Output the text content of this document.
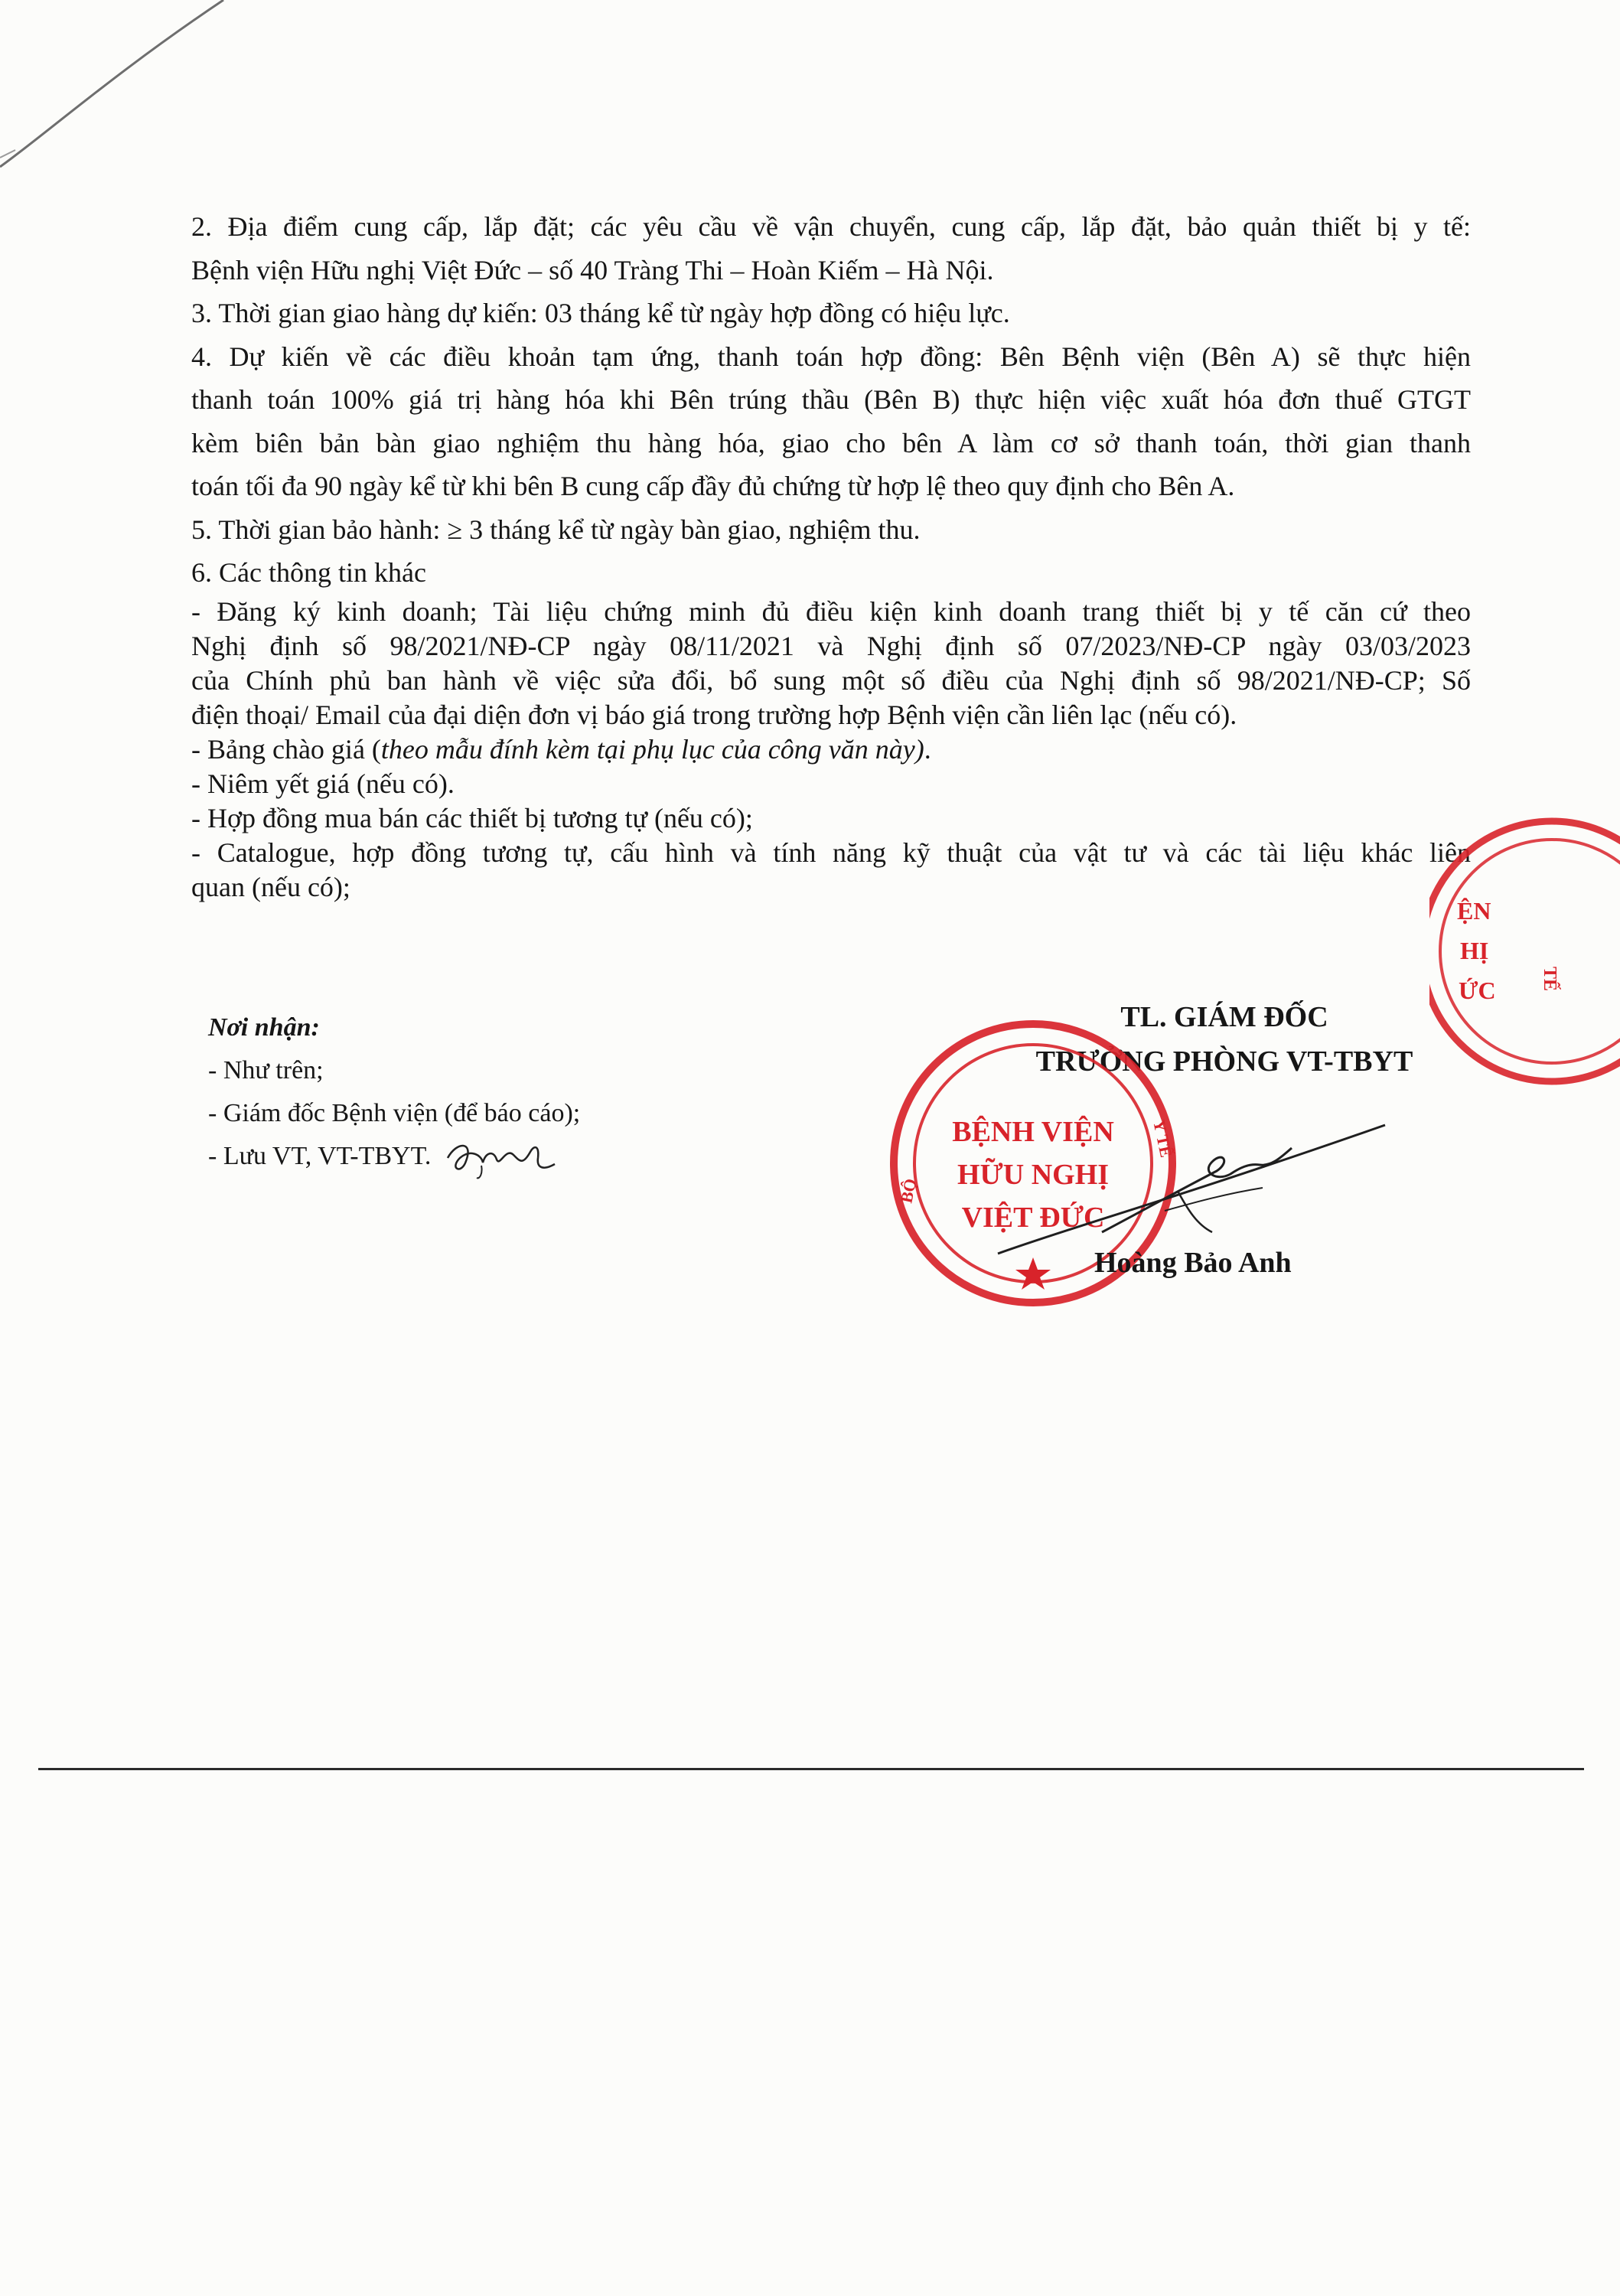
2. Địa điểm cung cấp, lắp đặt; các yêu cầu về vận chuyển, cung cấp, lắp đặt, bảo quản thiết bị y tế:

Bệnh viện Hữu nghị Việt Đức – số 40 Tràng Thi – Hoàn Kiếm – Hà Nội.

3. Thời gian giao hàng dự kiến: 03 tháng kể từ ngày hợp đồng có hiệu lực.

4. Dự kiến về các điều khoản tạm ứng, thanh toán hợp đồng: Bên Bệnh viện (Bên A) sẽ thực hiện

thanh toán 100% giá trị hàng hóa khi Bên trúng thầu (Bên B) thực hiện việc xuất hóa đơn thuế GTGT

kèm biên bản bàn giao nghiệm thu hàng hóa, giao cho bên A làm cơ sở thanh toán, thời gian thanh

toán tối đa 90 ngày kể từ khi bên B cung cấp đầy đủ chứng từ hợp lệ theo quy định cho Bên A.

5. Thời gian bảo hành: ≥ 3 tháng kể từ ngày bàn giao, nghiệm thu.

6. Các thông tin khác

- Đăng ký kinh doanh; Tài liệu chứng minh đủ điều kiện kinh doanh trang thiết bị y tế căn cứ theo

Nghị định số 98/2021/NĐ-CP ngày 08/11/2021 và Nghị định số 07/2023/NĐ-CP ngày 03/03/2023

của Chính phủ ban hành về việc sửa đổi, bổ sung một số điều của Nghị định số 98/2021/NĐ-CP; Số

điện thoại/ Email của đại diện đơn vị báo giá trong trường hợp Bệnh viện cần liên lạc (nếu có).

- Bảng chào giá (theo mẫu đính kèm tại phụ lục của công văn này).

- Niêm yết giá (nếu có).

- Hợp đồng mua bán các thiết bị tương tự (nếu có);

- Catalogue, hợp đồng tương tự, cấu hình và tính năng kỹ thuật của vật tư và các tài liệu khác liên

quan (nếu có);

Nơi nhận:

- Như trên;

- Giám đốc Bệnh viện (để báo cáo);

- Lưu VT, VT-TBYT.

TL. GIÁM ĐỐC

TRƯỞNG PHÒNG VT-TBYT

ỆN
HỊ
ỨC TẾ
BỆNH VIỆN
HỮU NGHỊ
VIỆT ĐỨC
BỘ
Y TẾ
Hoàng Bảo Anh
